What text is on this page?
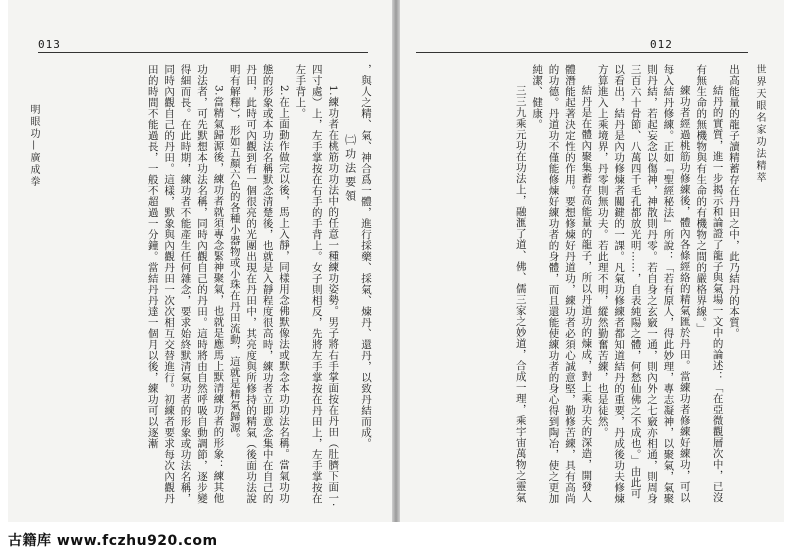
013
明眼功—廣成拳	，與人之精、氣、神合爲一體，進行採藥、採氣、煉丹、還丹，以致丹結而成。

㈡功法要領

1.練功者在桃筋功功法中的任意一種練功姿勢。男子將右手掌面按在丹田（肚臍下面一·四寸處）上，左手掌按在右手的手背上。女子則相反，先將左手掌按在丹田上，左手掌按在左手背上。

2.在上面動作做完以後，馬上入靜，同樣用念佛默像法或默念本功功法名稱。當氣功功態的形象或本功法名稱默念清楚後，也就是入靜程度很高時，練功者立即意念集中在自己的丹田，此時可內觀到有一個很亮的光團出現在丹田中，其亮度與所修持的精氣（後面功法說明有解釋），形如五顏六色的各種小器物或小珠在丹田流動，這就是精氣歸源。

3.當精氣歸源後，練功者就須專念緊神聚氣，也就是應馬上默清練功者的形象：練其他功法者，可先默想本功法名稱，同時內觀自己的丹田。這時將由自然呼吸自動調節，逐步變得細而長。在此時期，練功者不能產生任何雜念，要求始終默清氣功者的形象或功法名稱，同時內觀自己的丹田。這樣，默象與內觀丹田一次次相互交替進行。初練者要求每次內觀丹田的時間不能過長，一般不超過一分鐘。當結丹丹達一個月以後，練功可以逐漸

012
世界天眼名家功法精萃

出高能量的龍子讀精蓄存在丹田之中，此乃結丹的本質。

結丹的實質，進一步揭示和論證了龍子與氣場一文中的論述：「在亞微觀層次中，已沒有無生命的無機物與有生命的有機物之間的嚴格界線。」

練功者經過桃筋功修練後，體內各條經絡的精氣匯於丹田。當練功者修練好練功，可以每入結丹修練。正如『聖經秘法』所說：「若有原人，得此妙理，專志凝神，以聚氣，氣聚則丹結，若起妄念以傷神，神散則丹零。若自身之玄竅一通，則內外之七竅亦相通，則周身三百六十骨節、八萬四千毛孔都放光明……，自表純陽之體，何愁仙佛之不成也。」由此可以看出，結丹是內功修煉者關鍵的一課。凡氣功修練者都知道結丹的重要，丹成後功夫修煉方算進入上乘境界，丹零則無功夫。若此理不明，縱然勤奮苦練，也是徒然。

結丹是在體內聚集蓄存高能量的龍子，所以丹道功的煉成，對上乘功夫的深造，開發人體潛能起著決定性的作用。要想修煉好丹道功，練功者必須心誠意堅，勤修苦練，具有高尚的功德。丹道功不僅能修煉好練功者的身體，而且還能使練功者的身心得到陶冶，使之更加純潔、健康。

三三九乘元功在功法上，融滙了道、佛、儒三家之妙道，合成一理，乘宇宙萬物之靈氣

古籍库 www.fczhu920.com
